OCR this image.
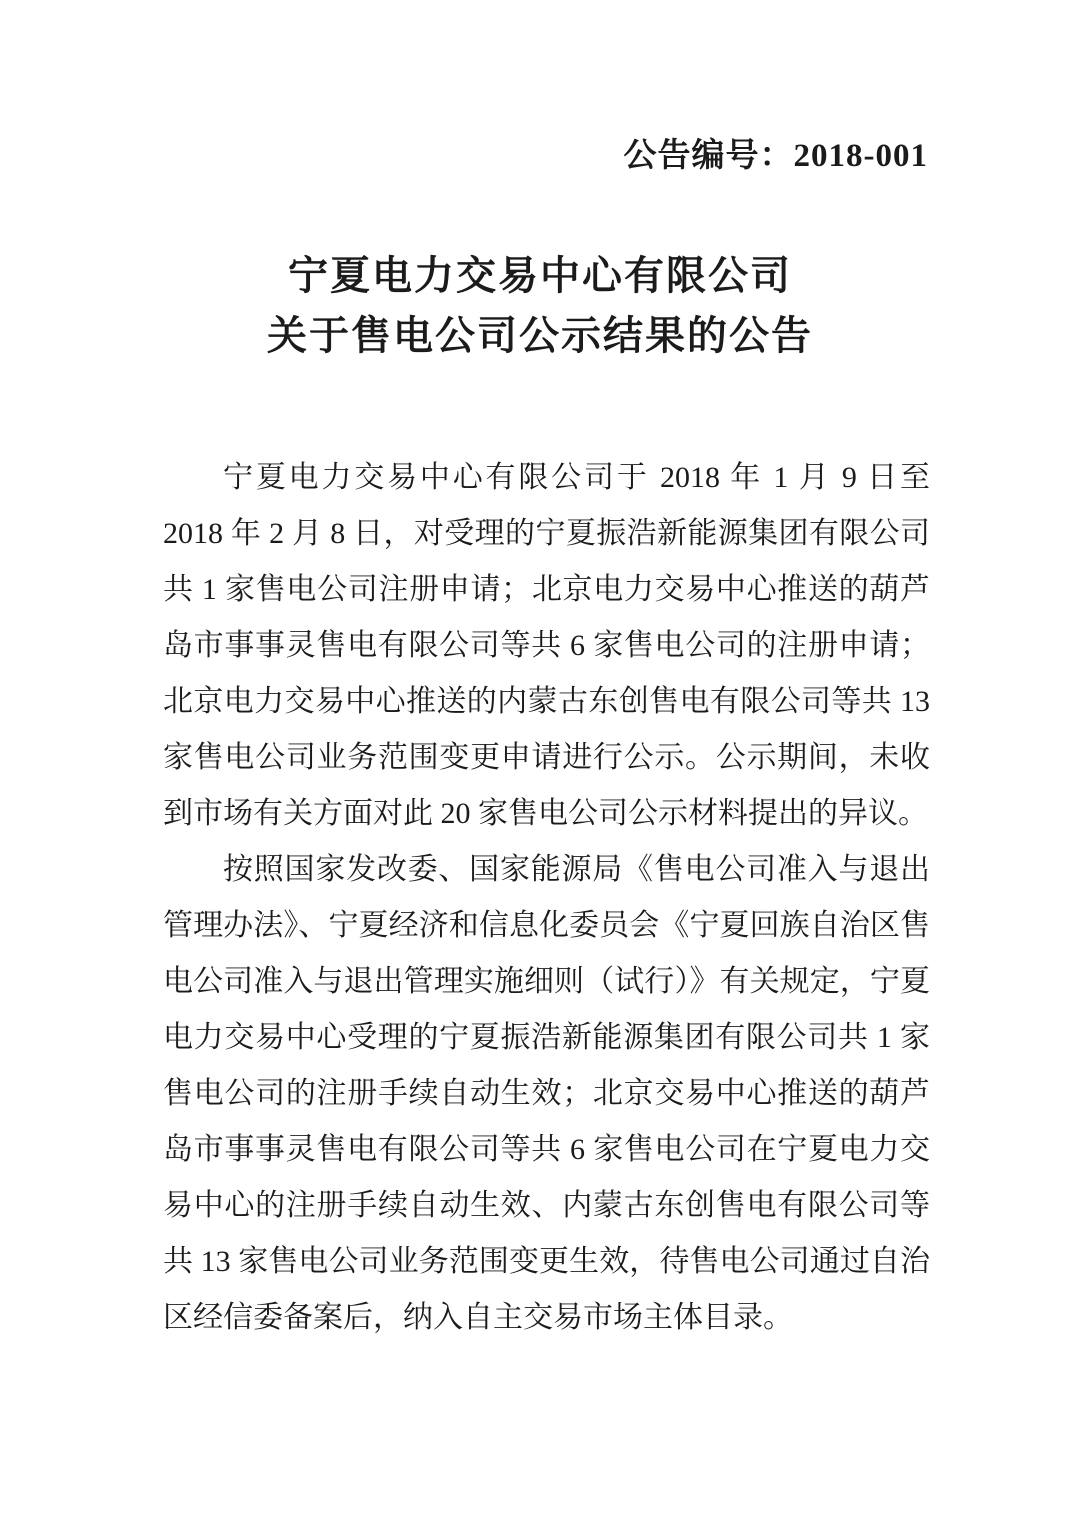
公告编号：2018-001
宁夏电力交易中心有限公司
关于售电公司公示结果的公告

宁夏电力交易中心有限公司于 2018 年 1 月 9 日至 2018 年 2 月 8 日，对受理的宁夏振浩新能源集团有限公司共 1 家售电公司注册申请；北京电力交易中心推送的葫芦岛市事事灵售电有限公司等共 6 家售电公司的注册申请；北京电力交易中心推送的内蒙古东创售电有限公司等共 13 家售电公司业务范围变更申请进行公示。公示期间，未收到市场有关方面对此 20 家售电公司公示材料提出的异议。

按照国家发改委、国家能源局《售电公司准入与退出管理办法》、宁夏经济和信息化委员会《宁夏回族自治区售电公司准入与退出管理实施细则（试行）》有关规定，宁夏电力交易中心受理的宁夏振浩新能源集团有限公司共 1 家售电公司的注册手续自动生效；北京交易中心推送的葫芦岛市事事灵售电有限公司等共 6 家售电公司在宁夏电力交易中心的注册手续自动生效、内蒙古东创售电有限公司等共 13 家售电公司业务范围变更生效，待售电公司通过自治区经信委备案后，纳入自主交易市场主体目录。
